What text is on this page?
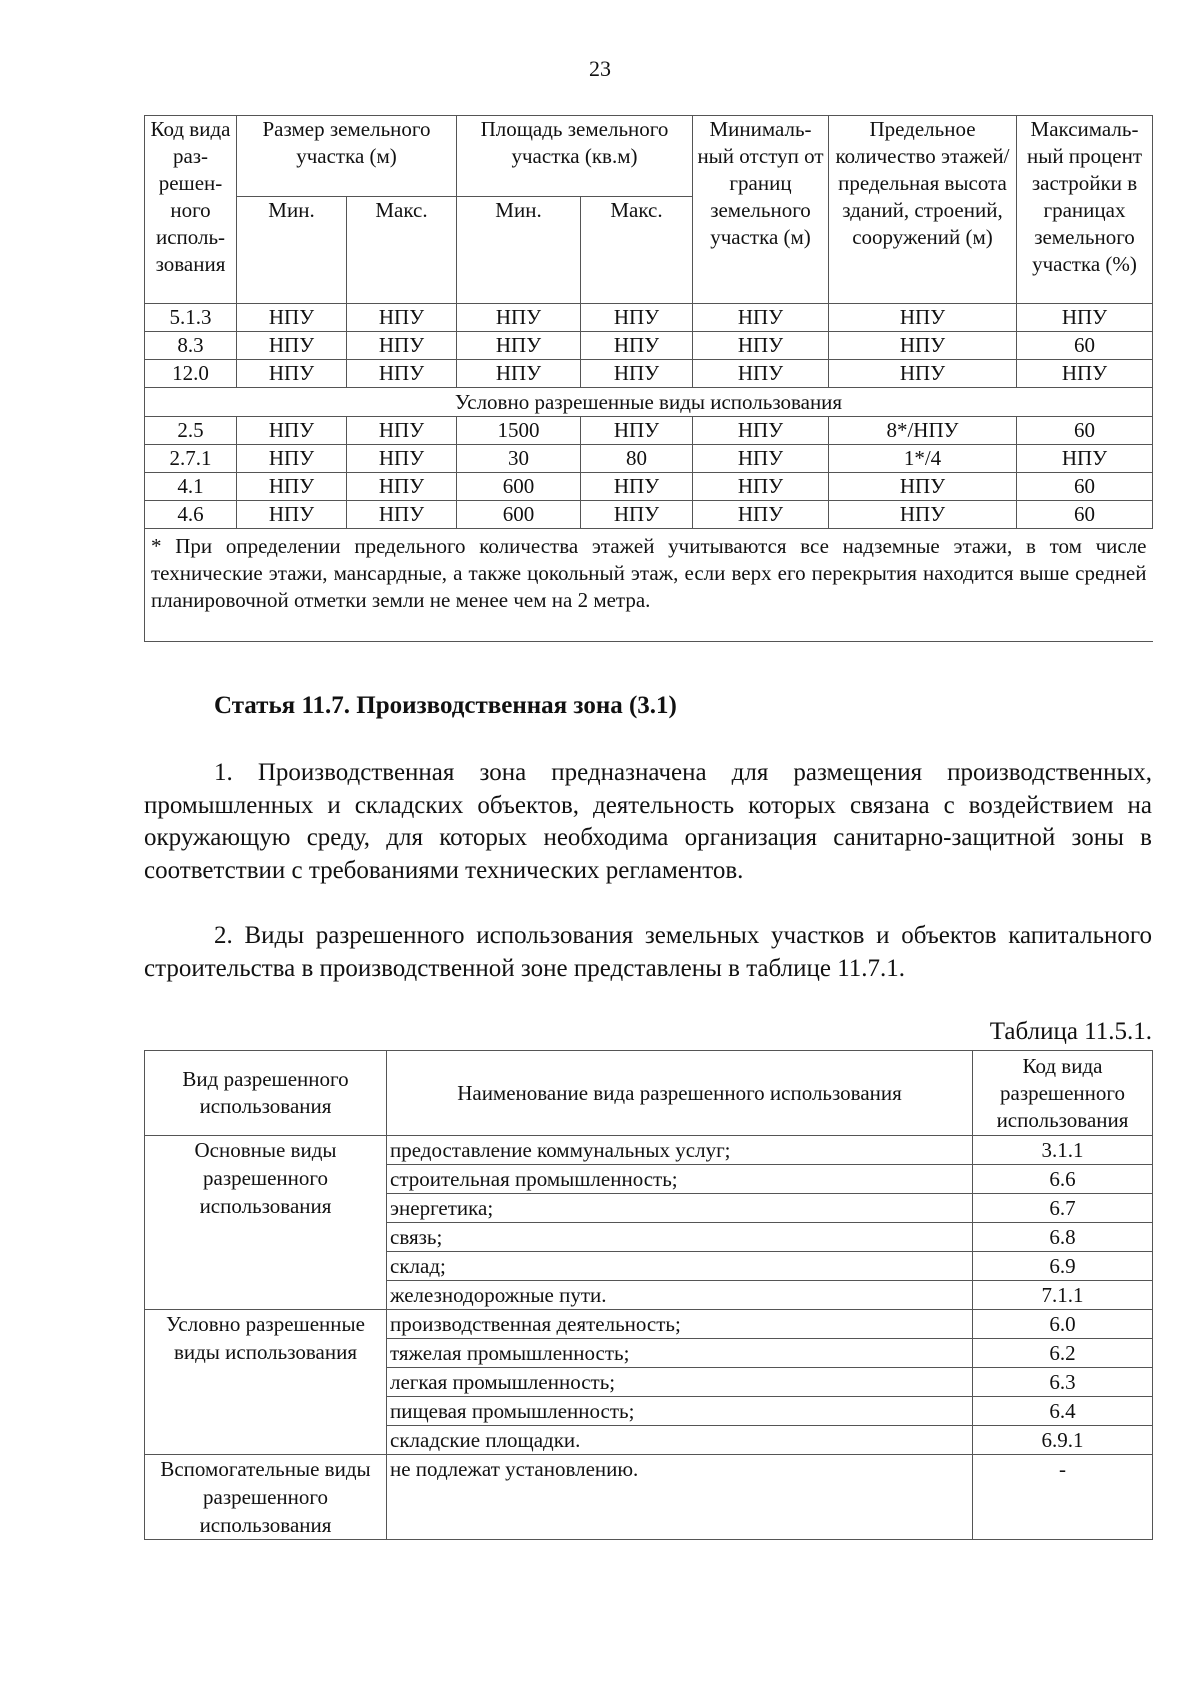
23
Код вида раз-решен-ного исполь-зования	Размер земельного участка (м)		Площадь земельного участка (кв.м)		Минималь-ный отступ от границ земельного участка (м)	Предельное количество этажей/ предельная высота зданий, строений, сооружений (м)	Максималь-ный процент застройки в границах земельного участка (%)
	Мин.	Макс.	Мин.	Макс.			
5.1.3	НПУ	НПУ	НПУ	НПУ	НПУ	НПУ	НПУ
8.3	НПУ	НПУ	НПУ	НПУ	НПУ	НПУ	60
12.0	НПУ	НПУ	НПУ	НПУ	НПУ	НПУ	НПУ
Условно разрешенные виды использования							
2.5	НПУ	НПУ	1500	НПУ	НПУ	8*/НПУ	60
2.7.1	НПУ	НПУ	30	80	НПУ	1*/4	НПУ
4.1	НПУ	НПУ	600	НПУ	НПУ	НПУ	60
4.6	НПУ	НПУ	600	НПУ	НПУ	НПУ	60
* При определении предельного количества этажей учитываются все надземные этажи, в том числе технические этажи, мансардные, а также цокольный этаж, если верх его перекрытия находится выше средней планировочной отметки земли не менее чем на 2 метра.							
Статья 11.7. Производственная зона (3.1)
1. Производственная зона предназначена для размещения производственных, промышленных и складских объектов, деятельность которых связана с воздействием на окружающую среду, для которых необходима организация санитарно-защитной зоны в соответствии с требованиями технических регламентов.
2. Виды разрешенного использования земельных участков и объектов капитального строительства в производственной зоне представлены в таблице 11.7.1.
Таблица 11.5.1.
Вид разрешенного использования	Наименование вида разрешенного использования	Код вида разрешенного использования
Основные виды разрешенного использования	предоставление коммунальных услуг;	3.1.1
	строительная промышленность;	6.6
	энергетика;	6.7
	связь;	6.8
	склад;	6.9
	железнодорожные пути.	7.1.1
Условно разрешенные виды использования	производственная деятельность;	6.0
	тяжелая промышленность;	6.2
	легкая промышленность;	6.3
	пищевая промышленность;	6.4
	складские площадки.	6.9.1
Вспомогательные виды разрешенного использования	не подлежат установлению.	-
